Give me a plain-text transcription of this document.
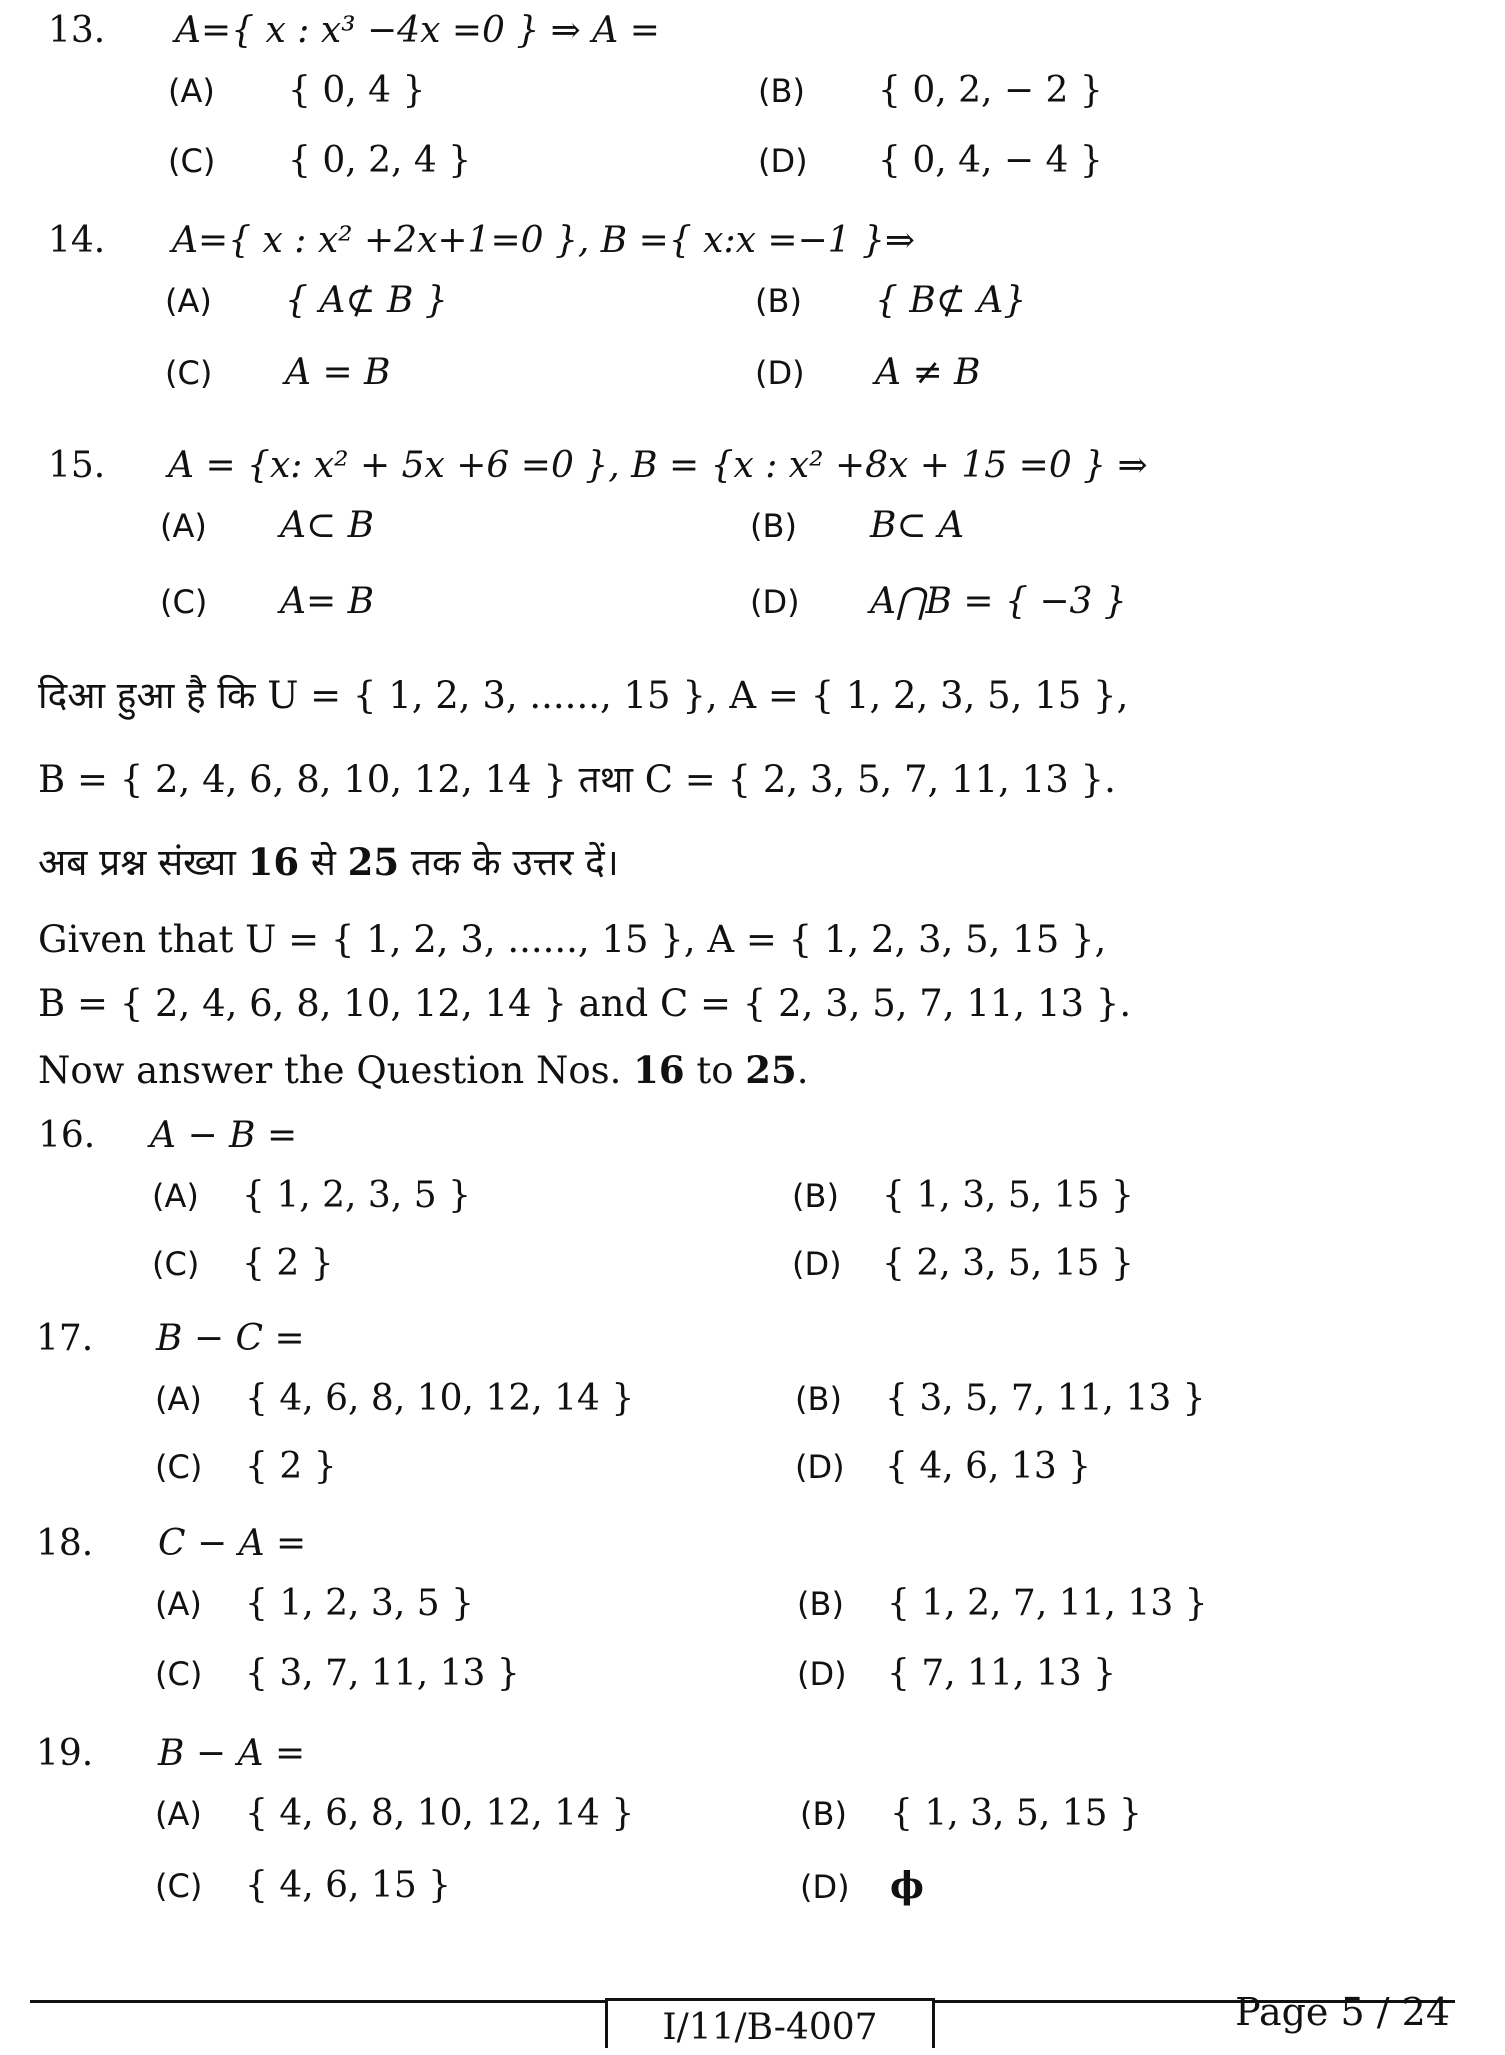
13.	A={ x : x³ −4x =0 } ⇒ A =
(A)	{ 0, 4 }	(B)	{ 0, 2, − 2 }
(C)	{ 0, 2, 4 }	(D)	{ 0, 4, − 4 }
14.	A={ x : x² +2x+1=0 }, B ={ x:x =−1 }⇒
(A)	{ A⊄ B }	(B)	{ B⊄ A}
(C)	A = B	(D)	A ≠ B
15.	A = {x: x² + 5x +6 =0 }, B = {x : x² +8x + 15 =0 } ⇒
(A)	A⊂ B	(B)	B⊂ A
(C)	A= B	(D)	A⋂B = { −3 }
दिआ हुआ है कि U = { 1, 2, 3, ......, 15 }, A = { 1, 2, 3, 5, 15 },
B = { 2, 4, 6, 8, 10, 12, 14 } तथा C = { 2, 3, 5, 7, 11, 13 }.
अब प्रश्न संख्या 16 से 25 तक के उत्तर दें।
Given that U = { 1, 2, 3, ......, 15 }, A = { 1, 2, 3, 5, 15 },
B = { 2, 4, 6, 8, 10, 12, 14 } and C = { 2, 3, 5, 7, 11, 13 }.
Now answer the Question Nos. 16 to 25.
16.	A − B =
(A)	{ 1, 2, 3, 5 }	(B)	{ 1, 3, 5, 15 }
(C)	{ 2 }	(D)	{ 2, 3, 5, 15 }
17.	B − C =
(A)	{ 4, 6, 8, 10, 12, 14 }	(B)	{ 3, 5, 7, 11, 13 }
(C)	{ 2 }	(D)	{ 4, 6, 13 }
18.	C − A =
(A)	{ 1, 2, 3, 5 }	(B)	{ 1, 2, 7, 11, 13 }
(C)	{ 3, 7, 11, 13 }	(D)	{ 7, 11, 13 }
19.	B − A =
(A)	{ 4, 6, 8, 10, 12, 14 }	(B)	{ 1, 3, 5, 15 }
(C)	{ 4, 6, 15 }	(D)	ϕ
I/11/B-4007	Page 5 / 24
